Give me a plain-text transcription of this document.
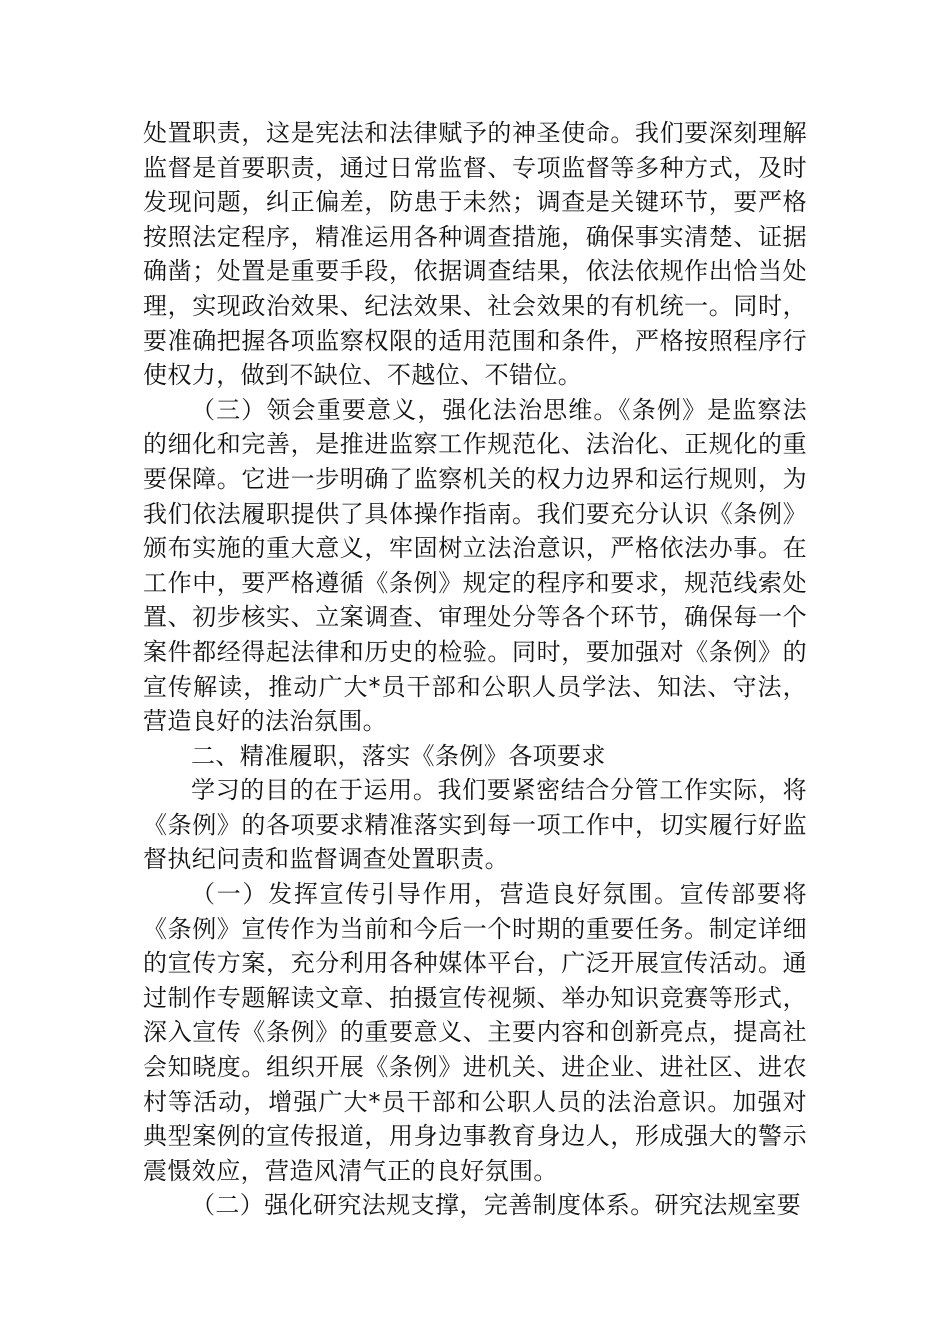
处置职责，这是宪法和法律赋予的神圣使命。我们要深刻理解监督是首要职责，通过日常监督、专项监督等多种方式，及时发现问题，纠正偏差，防患于未然；调查是关键环节，要严格按照法定程序，精准运用各种调查措施，确保事实清楚、证据确凿；处置是重要手段，依据调查结果，依法依规作出恰当处理，实现政治效果、纪法效果、社会效果的有机统一。同时，要准确把握各项监察权限的适用范围和条件，严格按照程序行使权力，做到不缺位、不越位、不错位。

（三）领会重要意义，强化法治思维。《条例》是监察法的细化和完善，是推进监察工作规范化、法治化、正规化的重要保障。它进一步明确了监察机关的权力边界和运行规则，为我们依法履职提供了具体操作指南。我们要充分认识《条例》颁布实施的重大意义，牢固树立法治意识，严格依法办事。在工作中，要严格遵循《条例》规定的程序和要求，规范线索处置、初步核实、立案调查、审理处分等各个环节，确保每一个案件都经得起法律和历史的检验。同时，要加强对《条例》的宣传解读，推动广大*员干部和公职人员学法、知法、守法，营造良好的法治氛围。

二、精准履职，落实《条例》各项要求

学习的目的在于运用。我们要紧密结合分管工作实际，将《条例》的各项要求精准落实到每一项工作中，切实履行好监督执纪问责和监督调查处置职责。

（一）发挥宣传引导作用，营造良好氛围。宣传部要将《条例》宣传作为当前和今后一个时期的重要任务。制定详细的宣传方案，充分利用各种媒体平台，广泛开展宣传活动。通过制作专题解读文章、拍摄宣传视频、举办知识竞赛等形式，深入宣传《条例》的重要意义、主要内容和创新亮点，提高社会知晓度。组织开展《条例》进机关、进企业、进社区、进农村等活动，增强广大*员干部和公职人员的法治意识。加强对典型案例的宣传报道，用身边事教育身边人，形成强大的警示震慑效应，营造风清气正的良好氛围。

（二）强化研究法规支撑，完善制度体系。研究法规室要
